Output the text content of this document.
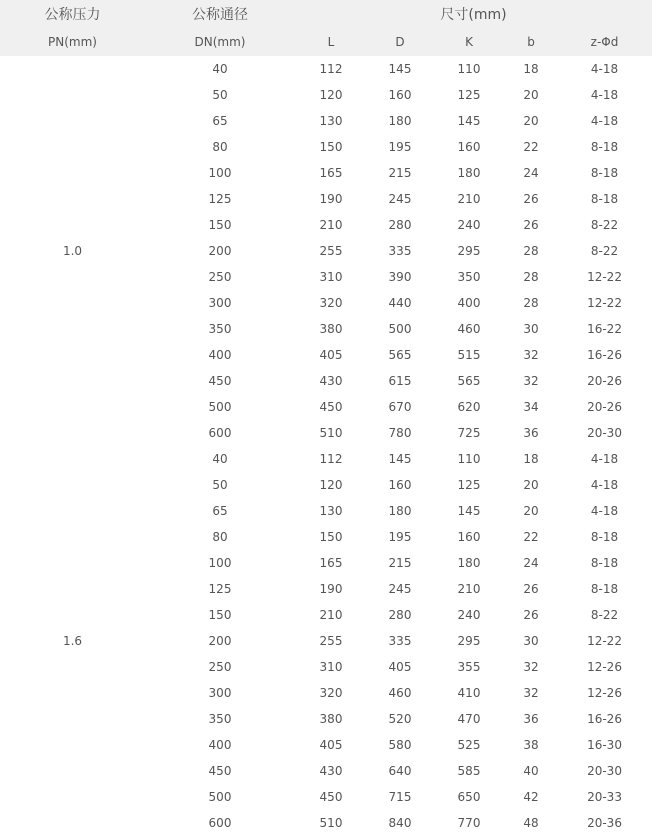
公称压力	公称通径	尺寸(mm)				
PN(mm)	DN(mm)	L	D	K	b	z-Φd
1.0	40	112	145	110	18	4-18
	50	120	160	125	20	4-18
	65	130	180	145	20	4-18
	80	150	195	160	22	8-18
	100	165	215	180	24	8-18
	125	190	245	210	26	8-18
	150	210	280	240	26	8-22
	200	255	335	295	28	8-22
	250	310	390	350	28	12-22
	300	320	440	400	28	12-22
	350	380	500	460	30	16-22
	400	405	565	515	32	16-26
	450	430	615	565	32	20-26
	500	450	670	620	34	20-26
	600	510	780	725	36	20-30
1.6	40	112	145	110	18	4-18
	50	120	160	125	20	4-18
	65	130	180	145	20	4-18
	80	150	195	160	22	8-18
	100	165	215	180	24	8-18
	125	190	245	210	26	8-18
	150	210	280	240	26	8-22
	200	255	335	295	30	12-22
	250	310	405	355	32	12-26
	300	320	460	410	32	12-26
	350	380	520	470	36	16-26
	400	405	580	525	38	16-30
	450	430	640	585	40	20-30
	500	450	715	650	42	20-33
	600	510	840	770	48	20-36
